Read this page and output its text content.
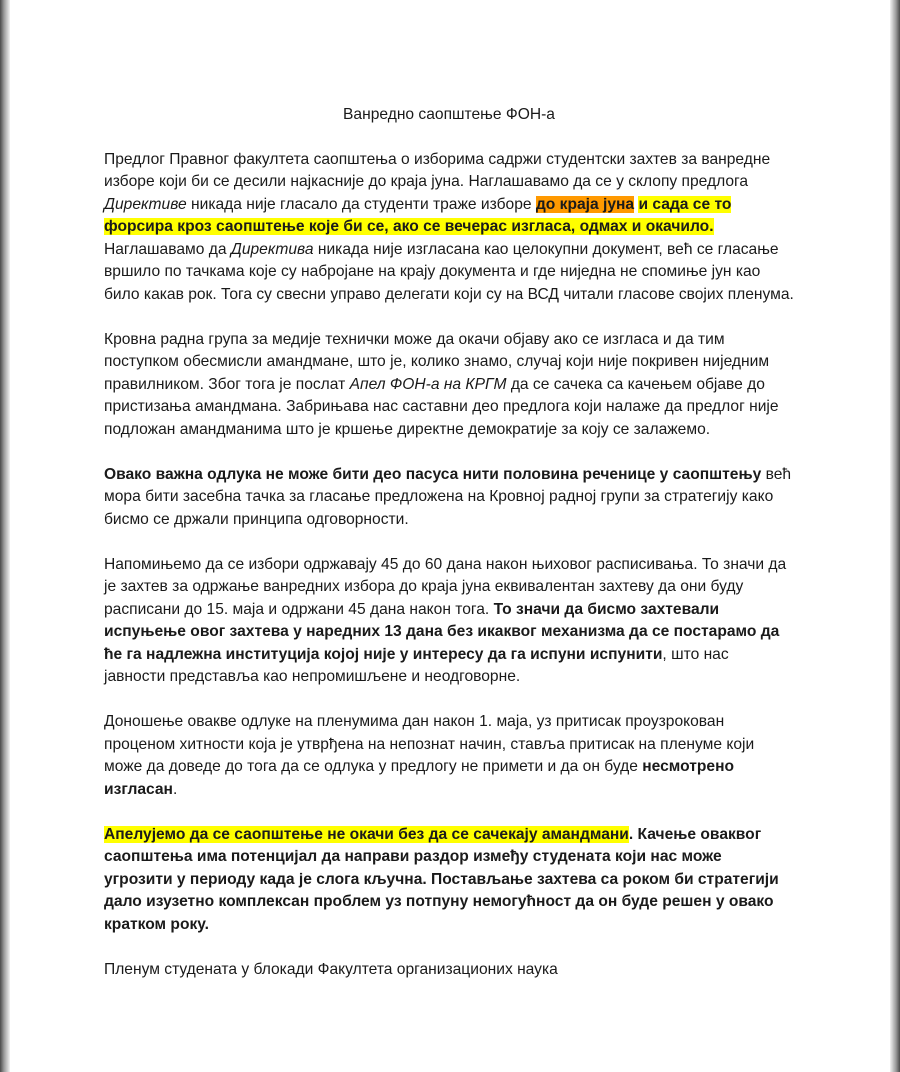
Ванредно саопштење ФОН-а

Предлог Правног факултета саопштења о изборима садржи студентски захтев за ванредне изборе који би се десили најкасније до краја јуна. Наглашавамо да се у склопу предлога Директиве никада није гласало да студенти траже изборе до краја јуна и сада се то форсира кроз саопштење које би се, ако се вечерас изгласа, одмах и окачило. Наглашавамо да Директива никада није изгласана као целокупни документ, већ се гласање вршило по тачкама које су набројане на крају документа и где ниједна не спомиње јун као било какав рок. Тога су свесни управо делегати који су на ВСД читали гласове својих пленума.

Кровна радна група за медије технички може да окачи објаву ако се изгласа и да тим поступком обесмисли амандмане, што је, колико знамо, случај који није покривен ниједним правилником. Због тога је послат Апел ФОН-а на КРГМ да се сачека са качењем објаве до пристизања амандмана. Забрињава нас саставни део предлога који налаже да предлог није подложан амандманима што је кршење директне демократије за коју се залажемо.

Овако важна одлука не може бити део пасуса нити половина реченице у саопштењу већ мора бити засебна тачка за гласање предложена на Кровној радној групи за стратегију како бисмо се држали принципа одговорности.

Напомињемо да се избори одржавају 45 до 60 дана након њиховог расписивања. То значи да је захтев за одржање ванредних избора до краја јуна еквивалентан захтеву да они буду расписани до 15. маја и одржани 45 дана након тога. То значи да бисмо захтевали испуњење овог захтева у наредних 13 дана без икаквог механизма да се постарамо да ће га надлежна институција којој није у интересу да га испуни испунити, што нас јавности представља као непромишљене и неодговорне.

Доношење овакве одлуке на пленумима дан након 1. маја, уз притисак проузрокован проценом хитности која је утврђена на непознат начин, ставља притисак на пленуме који може да доведе до тога да се одлука у предлогу не примети и да он буде несмотрено изгласан.

Апелујемо да се саопштење не окачи без да се сачекају амандмани. Качење оваквог саопштења има потенцијал да направи раздор између студената који нас може угрозити у периоду када је слога кључна. Постављање захтева са роком би стратегији дало изузетно комплексан проблем уз потпуну немогућност да он буде решен у овако кратком року.

Пленум студената у блокади Факултета организационих наука
